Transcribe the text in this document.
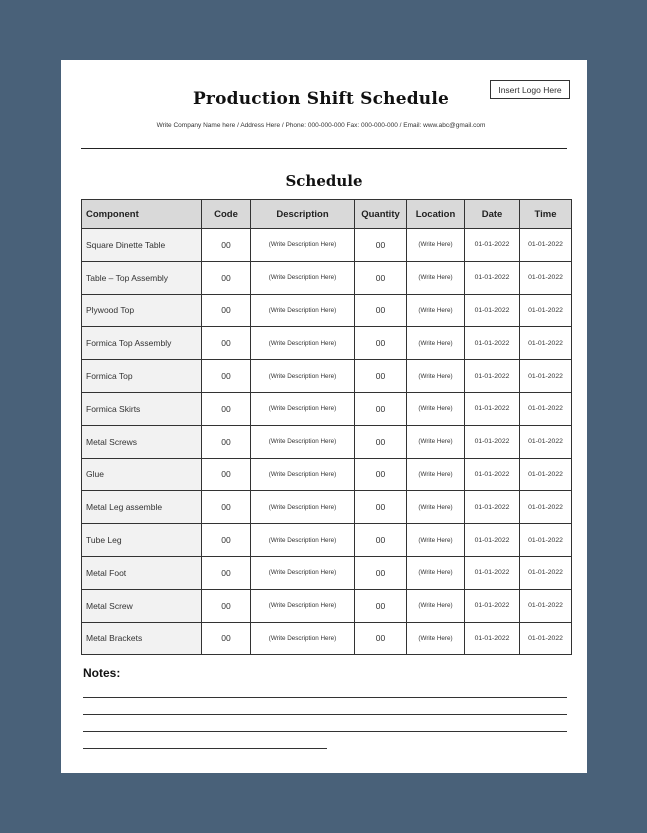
Insert Logo Here
Production Shift Schedule
Write Company Name here / Address Here / Phone: 000-000-000 Fax: 000-000-000 / Email: www.abc@gmail.com
Schedule
Component	Code	Description	Quantity	Location	Date	Time
Square Dinette Table	00	(Write Description Here)	00	(Write Here)	01-01-2022	01-01-2022
Table – Top Assembly	00	(Write Description Here)	00	(Write Here)	01-01-2022	01-01-2022
Plywood Top	00	(Write Description Here)	00	(Write Here)	01-01-2022	01-01-2022
Formica Top Assembly	00	(Write Description Here)	00	(Write Here)	01-01-2022	01-01-2022
Formica Top	00	(Write Description Here)	00	(Write Here)	01-01-2022	01-01-2022
Formica Skirts	00	(Write Description Here)	00	(Write Here)	01-01-2022	01-01-2022
Metal Screws	00	(Write Description Here)	00	(Write Here)	01-01-2022	01-01-2022
Glue	00	(Write Description Here)	00	(Write Here)	01-01-2022	01-01-2022
Metal Leg assemble	00	(Write Description Here)	00	(Write Here)	01-01-2022	01-01-2022
Tube Leg	00	(Write Description Here)	00	(Write Here)	01-01-2022	01-01-2022
Metal Foot	00	(Write Description Here)	00	(Write Here)	01-01-2022	01-01-2022
Metal Screw	00	(Write Description Here)	00	(Write Here)	01-01-2022	01-01-2022
Metal Brackets	00	(Write Description Here)	00	(Write Here)	01-01-2022	01-01-2022
Notes:
